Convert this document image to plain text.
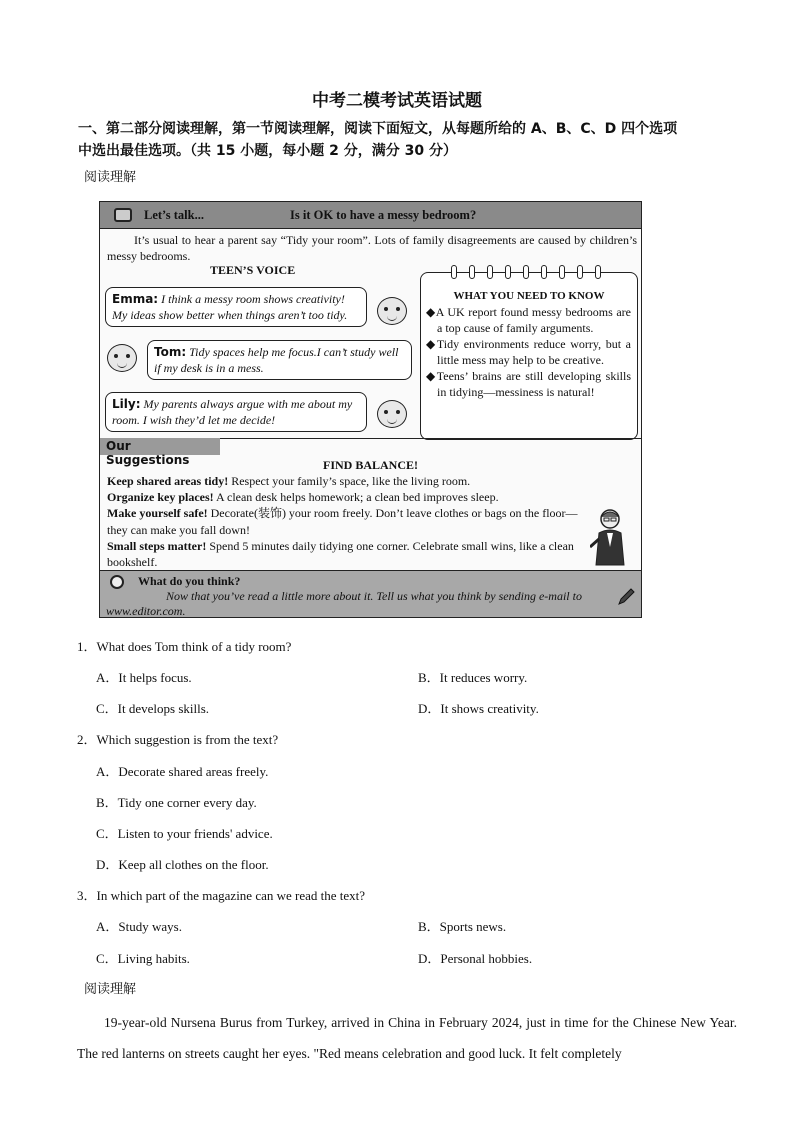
中考二模考试英语试题
一、第二部分阅读理解，第一节阅读理解，阅读下面短文，从每题所给的 A、B、C、D 四个选项
中选出最佳选项。（共 15 小题，每小题 2 分，满分 30 分）
阅读理解
Let’s talk...	Is it OK to have a messy bedroom?
It’s usual to hear a parent say “Tidy your room”. Lots of family disagreements are caused by children’s messy bedrooms.
TEEN’S VOICE
Emma: I think a messy room shows creativity! My ideas show better when things aren’t too tidy.
Tom: Tidy spaces help me focus.I can’t study well if my desk is in a mess.
Lily: My parents always argue with me about my room. I wish they’d let me decide!
WHAT YOU NEED TO KNOW

◆A UK report found messy bedrooms are a top cause of family arguments.

◆Tidy environments reduce worry, but a little mess may help to be creative.

◆Teens’ brains are still developing skills in tidying—messiness is natural!

Our Suggestions	FIND BALANCE!
Keep shared areas tidy! Respect your family’s space, like the living room.
Organize key places! A clean desk helps homework; a clean bed improves sleep.
Make yourself safe! Decorate(装饰) your room freely. Don’t leave clothes or bags on the floor—they can make you fall down!
Small steps matter! Spend 5 minutes daily tidying one corner. Celebrate small wins, like a clean bookshelf.
What do you think?
Now that you’ve read a little more about it. Tell us what you think by sending e-mail to www.editor.com.
1．What does Tom think of a tidy room?
A．It helps focus.	B．It reduces worry.
C．It develops skills.	D．It shows creativity.
2．Which suggestion is from the text?
A．Decorate shared areas freely.
B．Tidy one corner every day.
C．Listen to your friends' advice.
D．Keep all clothes on the floor.
3．In which part of the magazine can we read the text?
A．Study ways.	B．Sports news.
C．Living habits.	D．Personal hobbies.
阅读理解
19-year-old Nursena Burus from Turkey, arrived in China in February 2024, just in time for the Chinese New Year. The red lanterns on streets caught her eyes. "Red means celebration and good luck. It felt completely
